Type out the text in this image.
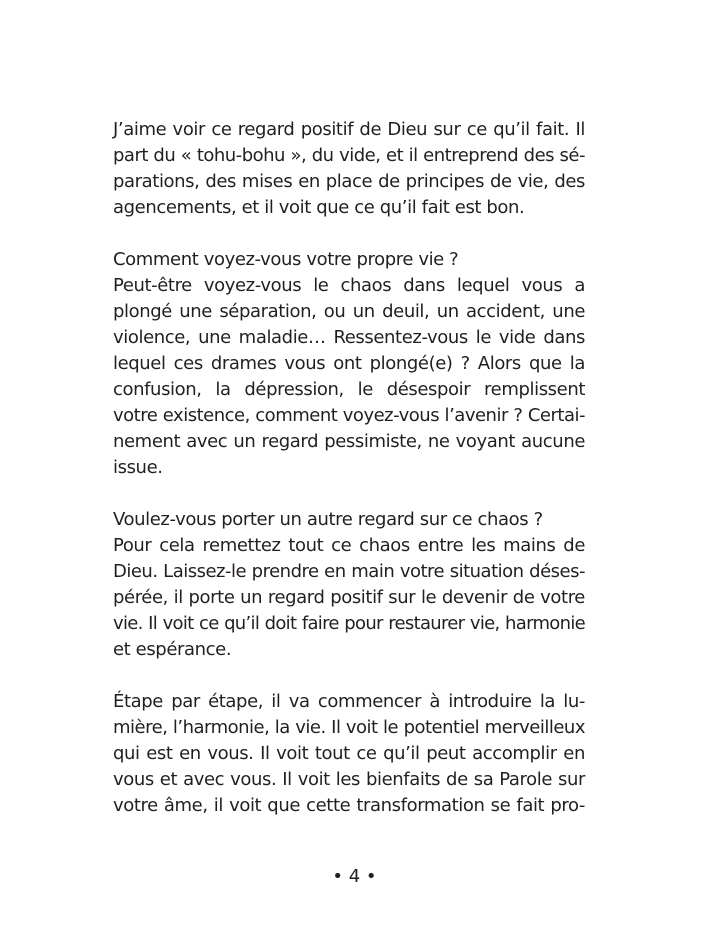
J’aime voir ce regard positif de Dieu sur ce qu’il fait. Il
part du « tohu-bohu », du vide, et il entreprend des sé-
parations, des mises en place de principes de vie, des
agencements, et il voit que ce qu’il fait est bon.

Comment voyez-vous votre propre vie ?
Peut-être voyez-vous le chaos dans lequel vous a
plongé une séparation, ou un deuil, un accident, une
violence, une maladie… Ressentez-vous le vide dans
lequel ces drames vous ont plongé(e) ? Alors que la
confusion, la dépression, le désespoir remplissent
votre existence, comment voyez-vous l’avenir ? Certai-
nement avec un regard pessimiste, ne voyant aucune
issue.

Voulez-vous porter un autre regard sur ce chaos ?
Pour cela remettez tout ce chaos entre les mains de
Dieu. Laissez-le prendre en main votre situation déses-
pérée, il porte un regard positif sur le devenir de votre
vie. Il voit ce qu’il doit faire pour restaurer vie, harmonie
et espérance.

Étape par étape, il va commencer à introduire la lu-
mière, l’harmonie, la vie. Il voit le potentiel merveilleux
qui est en vous. Il voit tout ce qu’il peut accomplir en
vous et avec vous. Il voit les bienfaits de sa Parole sur
votre âme, il voit que cette transformation se fait pro-

• 4 •
